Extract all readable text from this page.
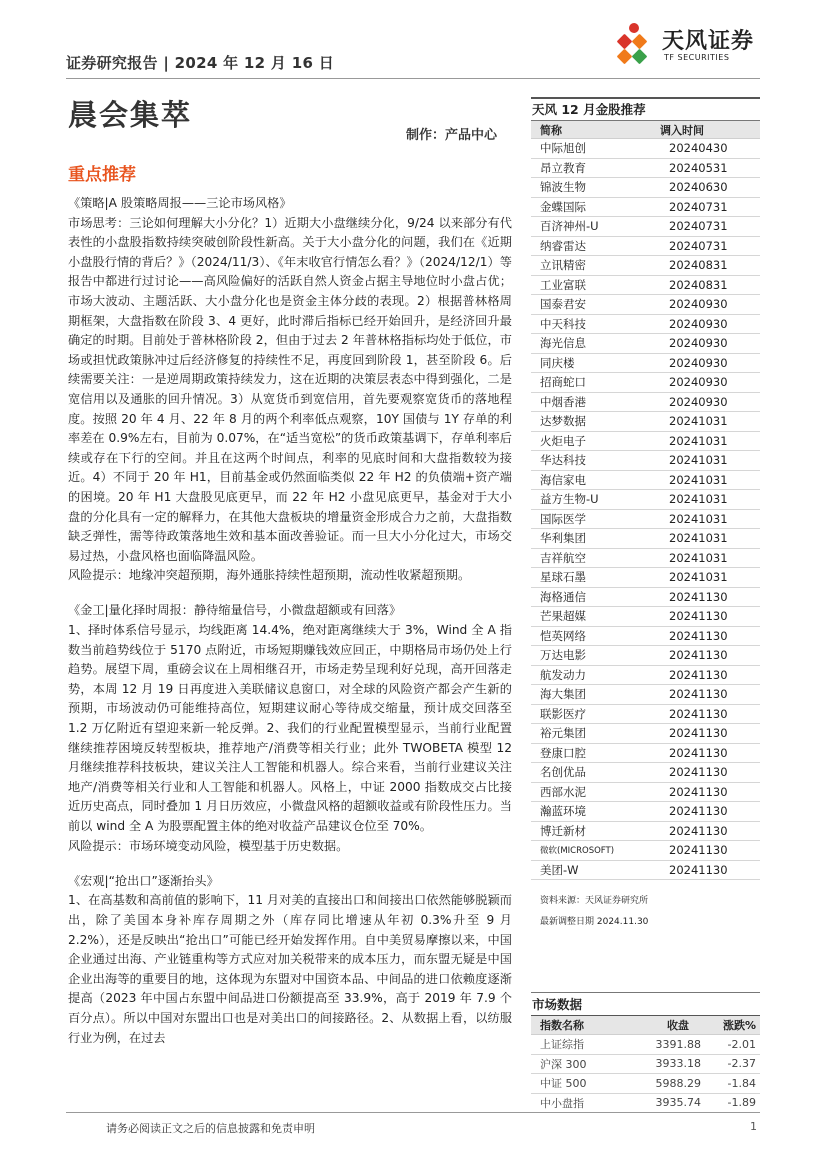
证券研究报告 | 2024 年 12 月 16 日
天风证券
TF SECURITIES
晨会集萃
制作：产品中心
重点推荐
《策略|A 股策略周报——三论市场风格》

市场思考：三论如何理解大小分化？1）近期大小盘继续分化，9/24 以来部分有代表性的小盘股指数持续突破创阶段性新高。关于大小盘分化的问题，我们在《近期小盘股行情的背后？》（2024/11/3）、《年末收官行情怎么看？》（2024/12/1）等报告中都进行过讨论——高风险偏好的活跃自然人资金占据主导地位时小盘占优；市场大波动、主题活跃、大小盘分化也是资金主体分歧的表现。2）根据普林格周期框架，大盘指数在阶段 3、4 更好，此时滞后指标已经开始回升，是经济回升最确定的时期。目前处于普林格阶段 2，但由于过去 2 年普林格指标均处于低位，市场或担忧政策脉冲过后经济修复的持续性不足，再度回到阶段 1，甚至阶段 6。后续需要关注：一是逆周期政策持续发力，这在近期的决策层表态中得到强化，二是宽信用以及通胀的回升情况。3）从宽货币到宽信用，首先要观察宽货币的落地程度。按照 20 年 4 月、22 年 8 月的两个利率低点观察，10Y 国债与 1Y 存单的利率差在 0.9%左右，目前为 0.07%，在“适当宽松”的货币政策基调下，存单利率后续或存在下行的空间。并且在这两个时间点，利率的见底时间和大盘指数较为接近。4）不同于 20 年 H1，目前基金或仍然面临类似 22 年 H2 的负债端+资产端的困境。20 年 H1 大盘股见底更早，而 22 年 H2 小盘见底更早，基金对于大小盘的分化具有一定的解释力，在其他大盘板块的增量资金形成合力之前，大盘指数缺乏弹性，需等待政策落地生效和基本面改善验证。而一旦大小分化过大，市场交易过热，小盘风格也面临降温风险。

风险提示：地缘冲突超预期，海外通胀持续性超预期，流动性收紧超预期。

《金工|量化择时周报：静待缩量信号，小微盘超额或有回落》

1、择时体系信号显示，均线距离 14.4%，绝对距离继续大于 3%，Wind 全 A 指数当前趋势线位于 5170 点附近，市场短期赚钱效应回正，中期格局市场仍处上行趋势。展望下周，重磅会议在上周相继召开，市场走势呈现利好兑现，高开回落走势，本周 12 月 19 日再度进入美联储议息窗口，对全球的风险资产都会产生新的预期，市场波动仍可能维持高位，短期建议耐心等待成交缩量，预计成交回落至 1.2 万亿附近有望迎来新一轮反弹。2、我们的行业配置模型显示，当前行业配置继续推荐困境反转型板块，推荐地产/消费等相关行业；此外 TWOBETA 模型 12 月继续推荐科技板块，建议关注人工智能和机器人。综合来看，当前行业建议关注地产/消费等相关行业和人工智能和机器人。风格上，中证 2000 指数成交占比接近历史高点，同时叠加 1 月日历效应，小微盘风格的超额收益或有阶段性压力。当前以 wind 全 A 为股票配置主体的绝对收益产品建议仓位至 70%。

风险提示：市场环境变动风险，模型基于历史数据。

《宏观|“抢出口”逐渐抬头》

1、在高基数和高前值的影响下，11 月对美的直接出口和间接出口依然能够脱颖而出，除了美国本身补库存周期之外（库存同比增速从年初 0.3%升至 9 月 2.2%），还是反映出“抢出口”可能已经开始发挥作用。自中美贸易摩擦以来，中国企业通过出海、产业链重构等方式应对加关税带来的成本压力，而东盟无疑是中国企业出海等的重要目的地，这体现为东盟对中国资本品、中间品的进口依赖度逐渐提高（2023 年中国占东盟中间品进口份额提高至 33.9%，高于 2019 年 7.9 个百分点）。所以中国对东盟出口也是对美出口的间接路径。2、从数据上看，以纺服行业为例，在过去

天风 12 月金股推荐
简称	调入时间
中际旭创	20240430
昂立教育	20240531
锦波生物	20240630
金蝶国际	20240731
百济神州-U	20240731
纳睿雷达	20240731
立讯精密	20240831
工业富联	20240831
国泰君安	20240930
中天科技	20240930
海光信息	20240930
同庆楼	20240930
招商蛇口	20240930
中烟香港	20240930
达梦数据	20241031
火炬电子	20241031
华达科技	20241031
海信家电	20241031
益方生物-U	20241031
国际医学	20241031
华利集团	20241031
吉祥航空	20241031
星球石墨	20241031
海格通信	20241130
芒果超媒	20241130
恺英网络	20241130
万达电影	20241130
航发动力	20241130
海大集团	20241130
联影医疗	20241130
裕元集团	20241130
登康口腔	20241130
名创优品	20241130
西部水泥	20241130
瀚蓝环境	20241130
博迁新材	20241130
微软(MICROSOFT)	20241130
美团-W	20241130
资料来源：天风证券研究所
最新调整日期 2024.11.30
市场数据
指数名称	收盘	涨跌%
上证综指	3391.88	-2.01
沪深 300	3933.18	-2.37
中证 500	5988.29	-1.84
中小盘指	3935.74	-1.89
请务必阅读正文之后的信息披露和免责申明	1
